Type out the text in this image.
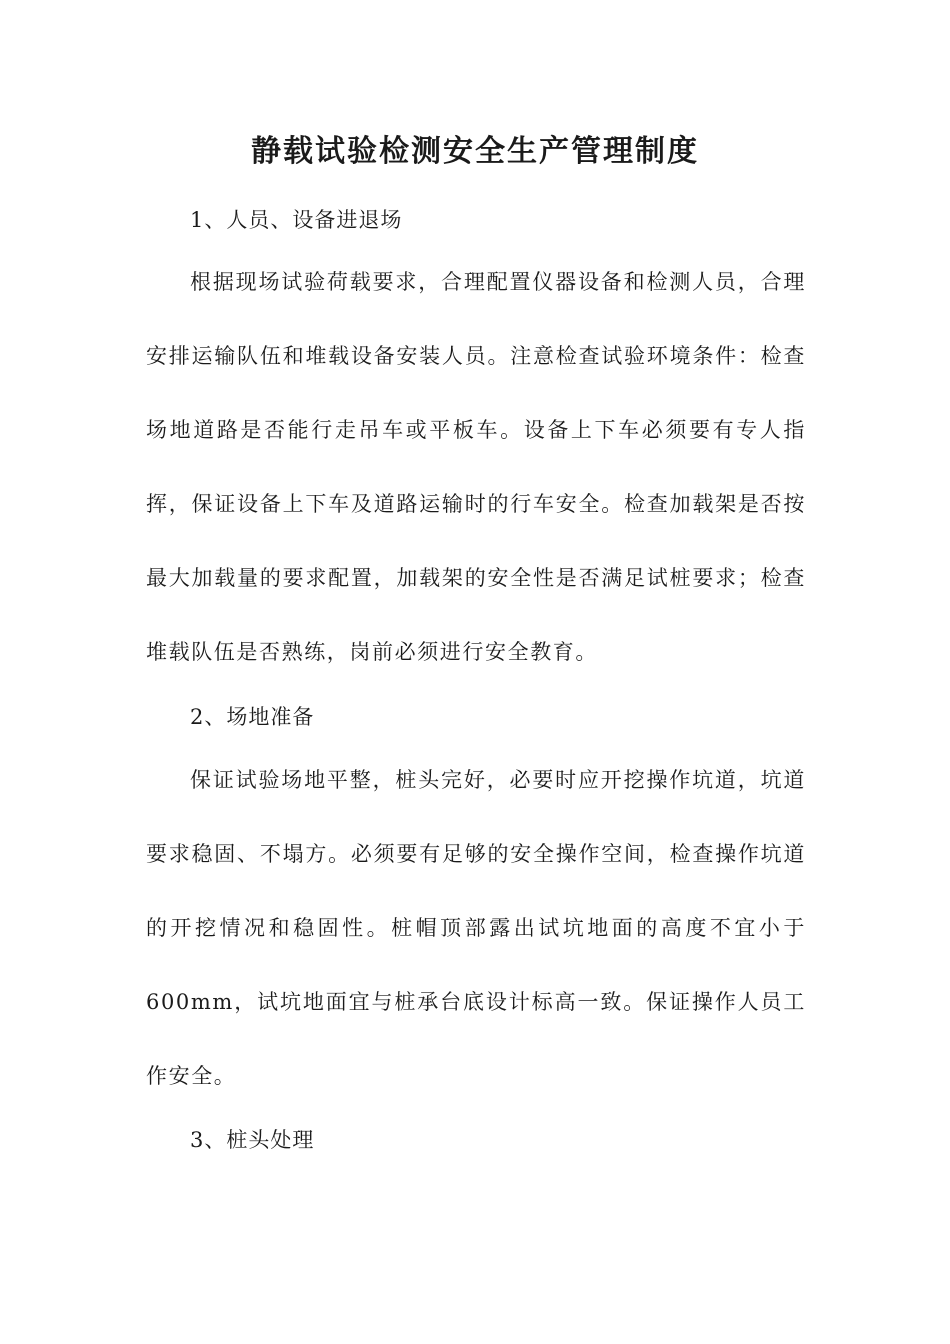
静载试验检测安全生产管理制度

1、人员、设备进退场

根据现场试验荷载要求，合理配置仪器设备和检测人员，合理安排运输队伍和堆载设备安装人员。注意检查试验环境条件：检查场地道路是否能行走吊车或平板车。设备上下车必须要有专人指挥，保证设备上下车及道路运输时的行车安全。检查加载架是否按最大加载量的要求配置，加载架的安全性是否满足试桩要求；检查堆载队伍是否熟练，岗前必须进行安全教育。

2、场地准备

保证试验场地平整，桩头完好，必要时应开挖操作坑道，坑道要求稳固、不塌方。必须要有足够的安全操作空间，检查操作坑道的开挖情况和稳固性。桩帽顶部露出试坑地面的高度不宜小于600mm，试坑地面宜与桩承台底设计标高一致。保证操作人员工作安全。

3、桩头处理
